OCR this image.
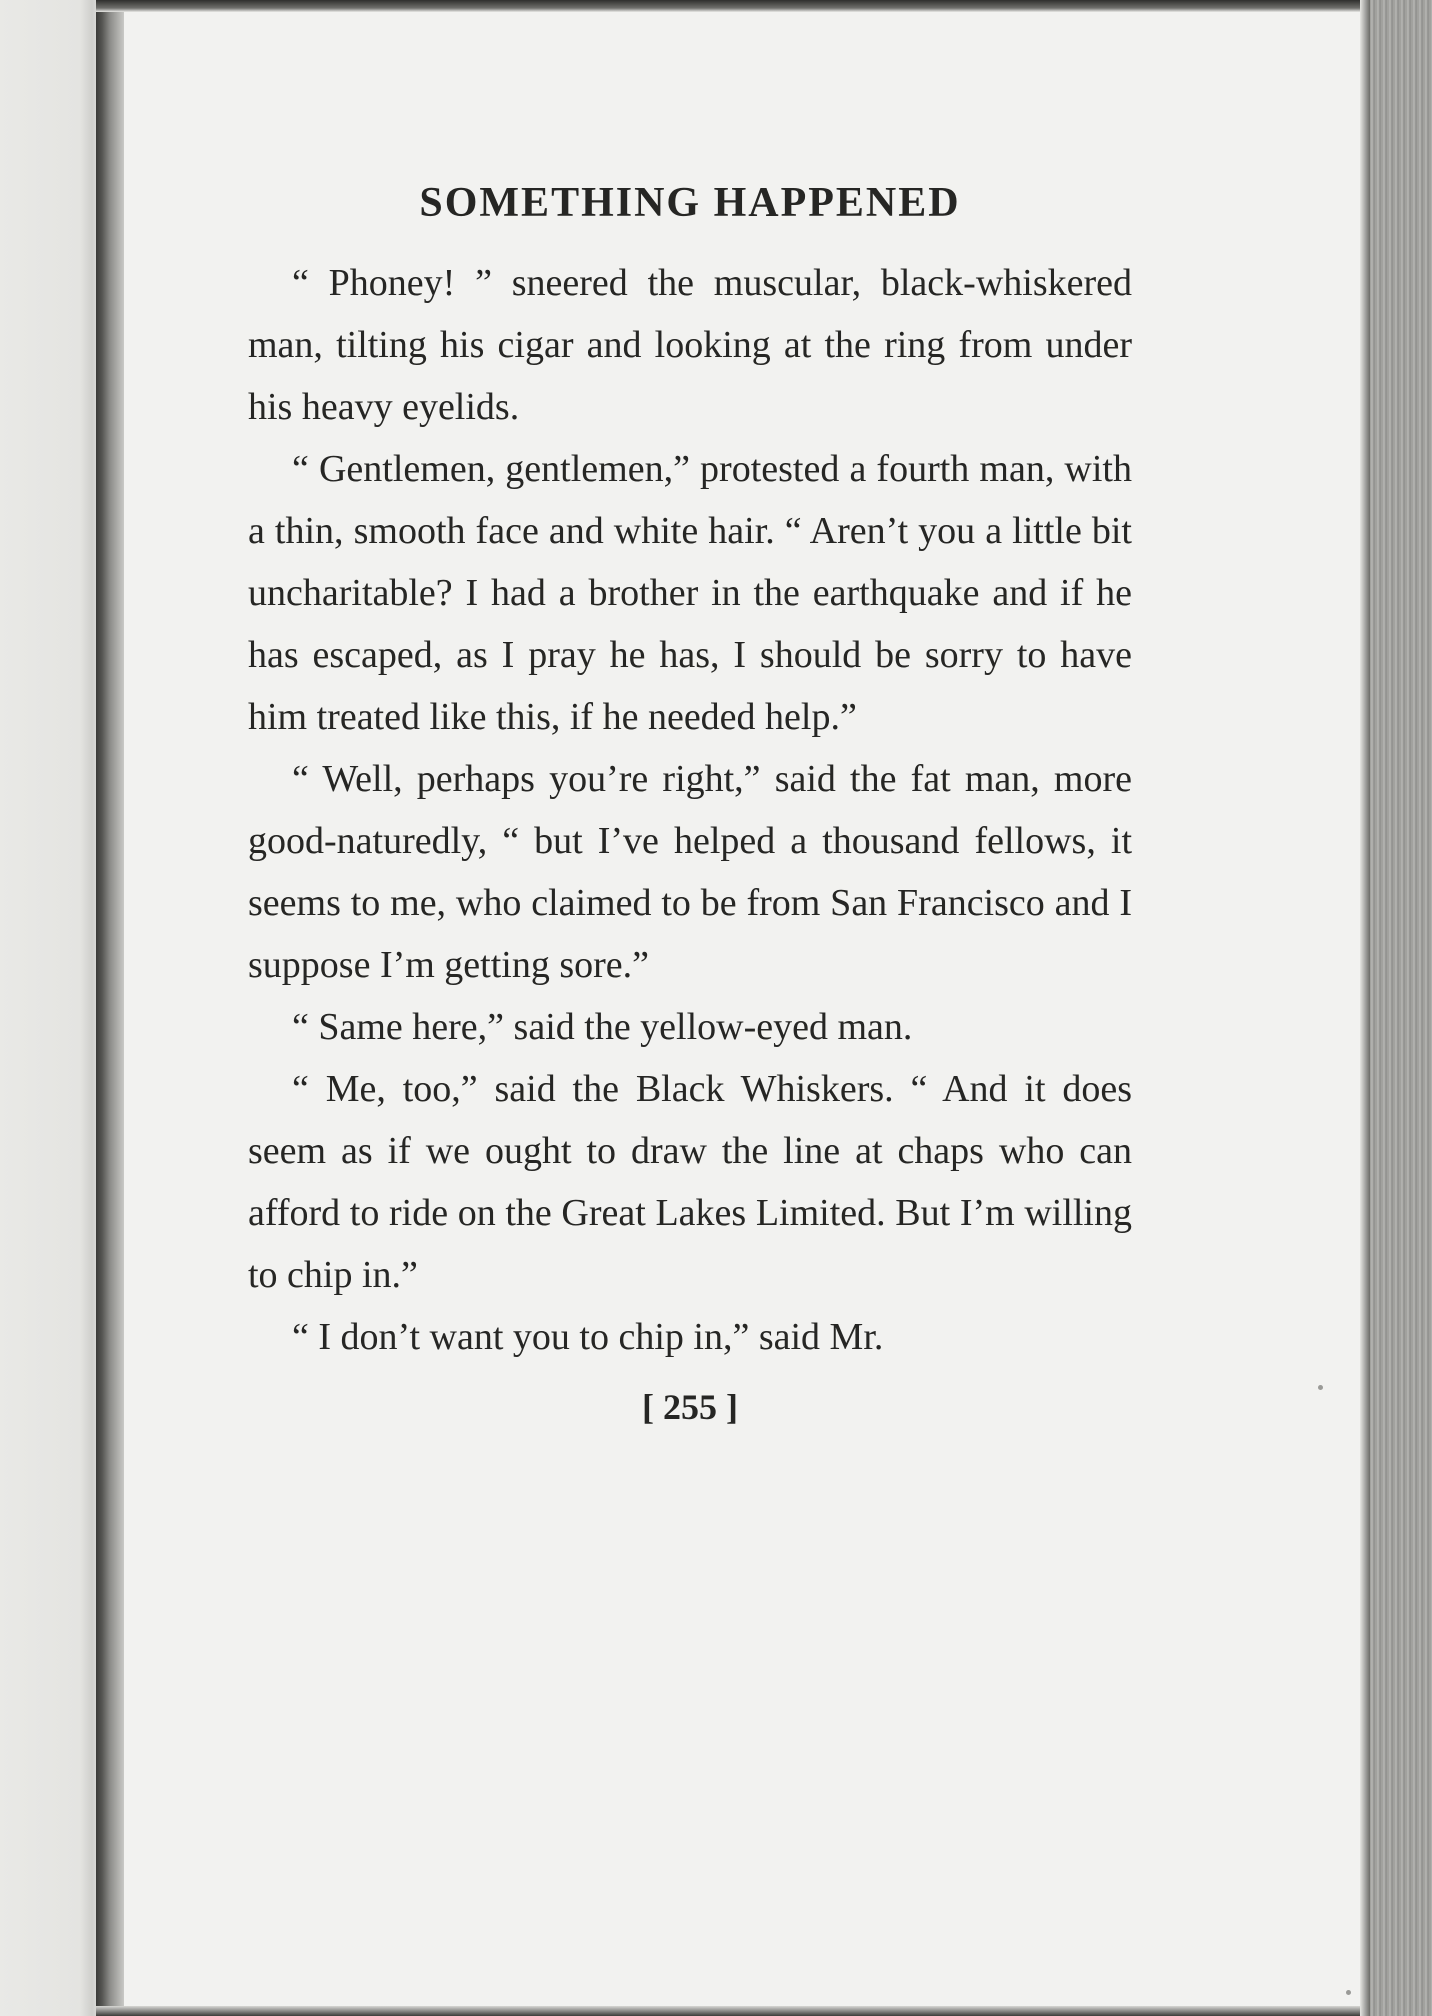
SOMETHING HAPPENED

“ Phoney! ” sneered the muscular, black-whiskered man, tilting his cigar and looking at the ring from under his heavy eyelids.

“ Gentlemen, gentlemen,” protested a fourth man, with a thin, smooth face and white hair. “ Aren’t you a little bit uncharitable? I had a brother in the earthquake and if he has escaped, as I pray he has, I should be sorry to have him treated like this, if he needed help.”

“ Well, perhaps you’re right,” said the fat man, more good-naturedly, “ but I’ve helped a thousand fellows, it seems to me, who claimed to be from San Francisco and I suppose I’m getting sore.”

“ Same here,” said the yellow-eyed man.

“ Me, too,” said the Black Whiskers. “ And it does seem as if we ought to draw the line at chaps who can afford to ride on the Great Lakes Limited. But I’m willing to chip in.”

“ I don’t want you to chip in,” said Mr.

[ 255 ]
